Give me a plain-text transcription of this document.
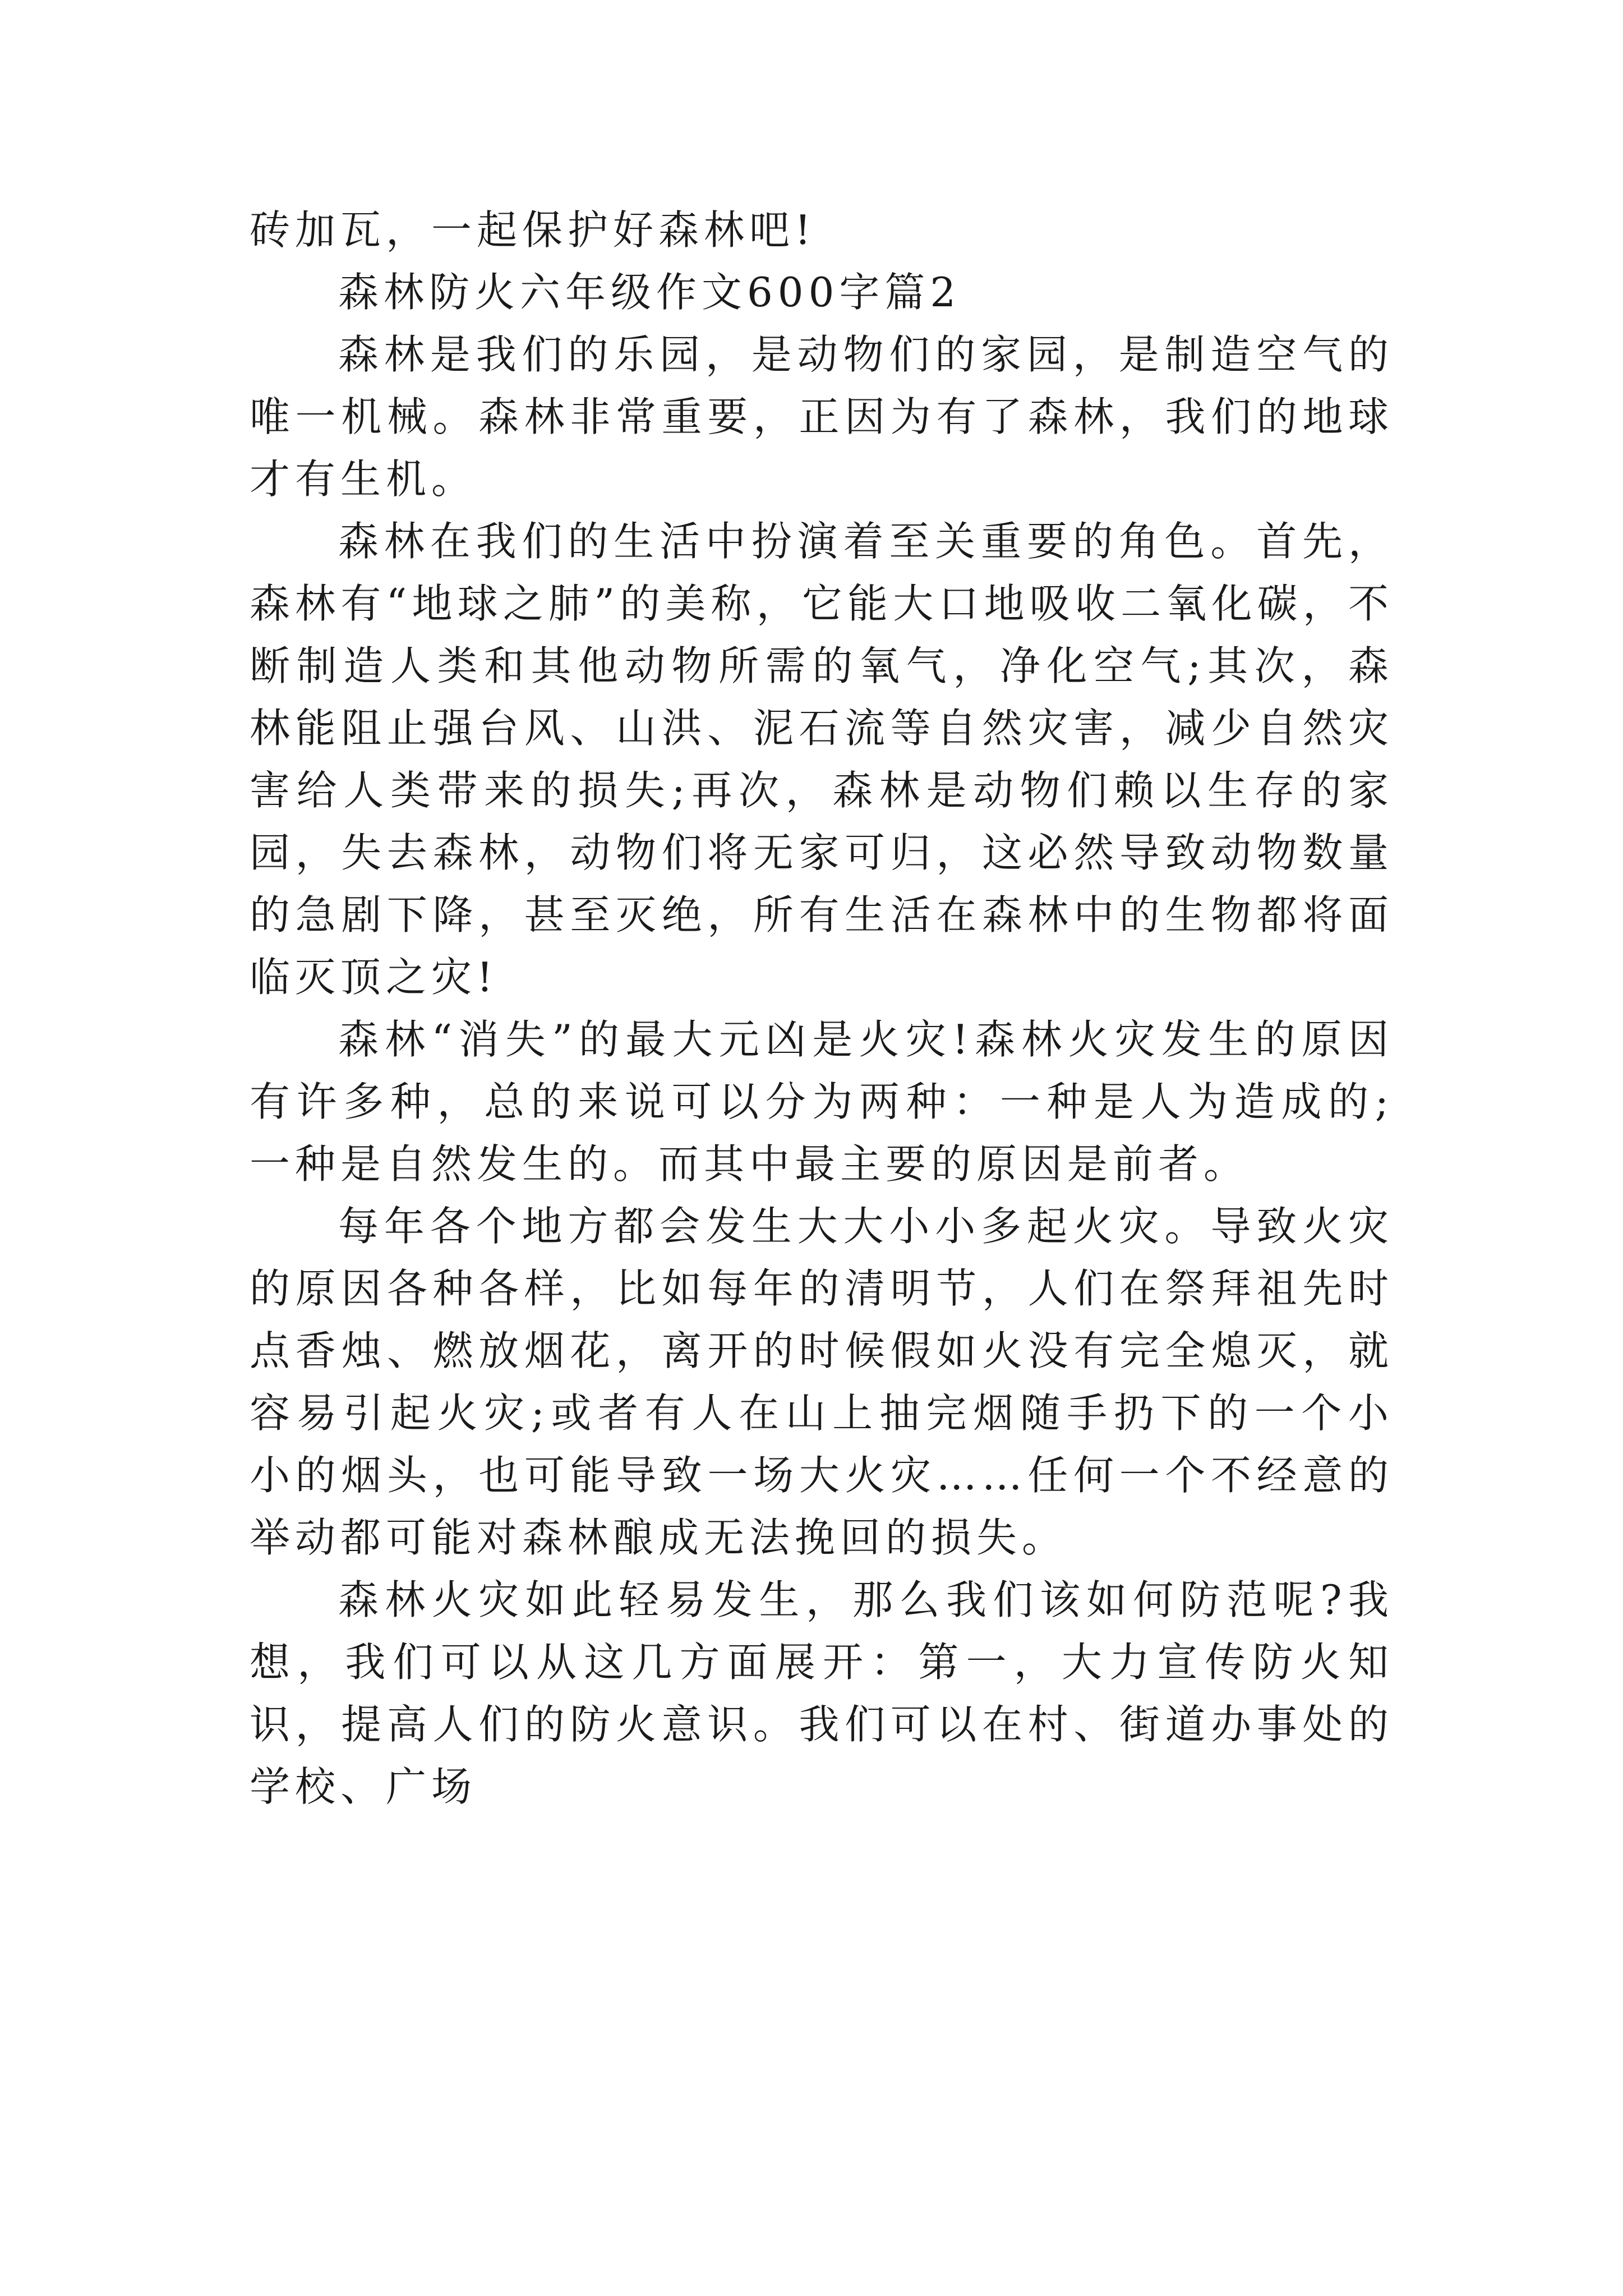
砖加瓦，一起保护好森林吧!

森林防火六年级作文600字篇2

森林是我们的乐园，是动物们的家园，是制造空气的唯一机械。森林非常重要，正因为有了森林，我们的地球才有生机。

森林在我们的生活中扮演着至关重要的角色。首先，森林有“地球之肺”的美称，它能大口地吸收二氧化碳，不断制造人类和其他动物所需的氧气，净化空气;其次，森林能阻止强台风、山洪、泥石流等自然灾害，减少自然灾害给人类带来的损失;再次，森林是动物们赖以生存的家园，失去森林，动物们将无家可归，这必然导致动物数量的急剧下降，甚至灭绝，所有生活在森林中的生物都将面临灭顶之灾!

森林“消失”的最大元凶是火灾!森林火灾发生的原因有许多种，总的来说可以分为两种：一种是人为造成的;一种是自然发生的。而其中最主要的原因是前者。

每年各个地方都会发生大大小小多起火灾。导致火灾的原因各种各样，比如每年的清明节，人们在祭拜祖先时点香烛、燃放烟花，离开的时候假如火没有完全熄灭，就容易引起火灾;或者有人在山上抽完烟随手扔下的一个小小的烟头，也可能导致一场大火灾……任何一个不经意的举动都可能对森林酿成无法挽回的损失。

森林火灾如此轻易发生，那么我们该如何防范呢?我想，我们可以从这几方面展开：第一，大力宣传防火知识，提高人们的防火意识。我们可以在村、街道办事处的学校、广场
